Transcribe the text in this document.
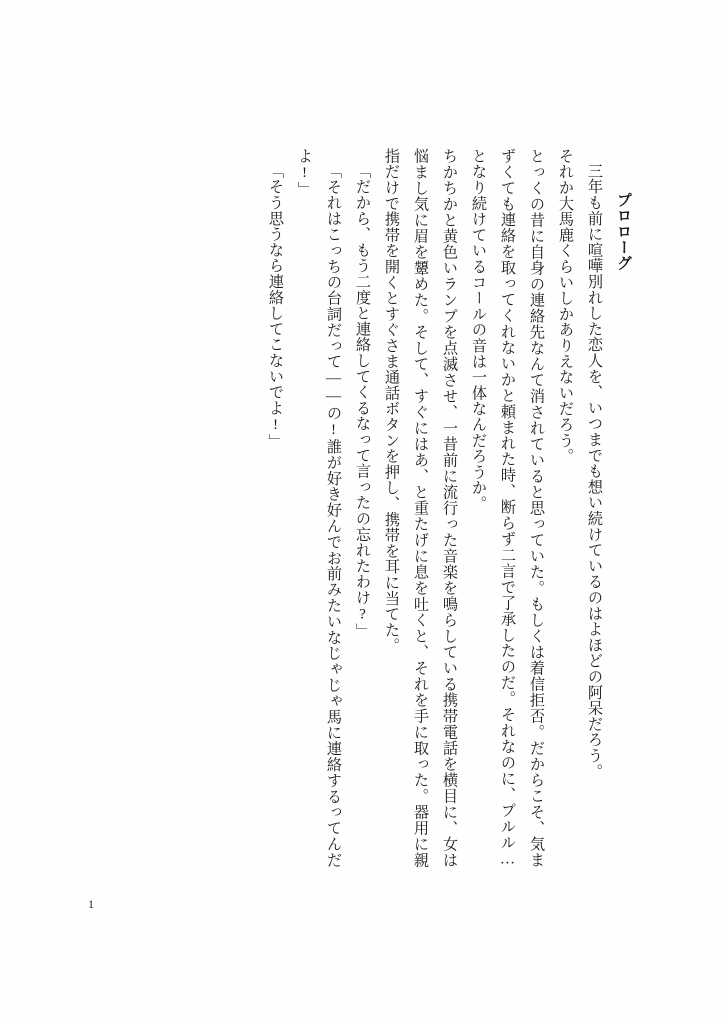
プロローグ

三年も前に喧嘩別れした恋人を、いつまでも想い続けているのはよほどの阿呆だろう。

それか大馬鹿くらいしかありえないだろう。

とっくの昔に自身の連絡先なんて消されていると思っていた。もしくは着信拒否。だからこそ、気まずくても連絡を取ってくれないかと頼まれた時、断らず二言で了承したのだ。それなのに、プルル…となり続けているコールの音は一体なんだろうか。

ちかちかと黄色いランプを点滅させ、一昔前に流行った音楽を鳴らしている携帯電話を横目に、女は悩まし気に眉を顰めた。そして、すぐにはあ、と重たげに息を吐くと、それを手に取った。器用に親指だけで携帯を開くとすぐさま通話ボタンを押し、携帯を耳に当てた。

「だから、もう二度と連絡してくるなって言ったの忘れたわけ?」

「それはこっちの台詞だって——の!誰が好き好んでお前みたいなじゃじゃ馬に連絡するってんだよ!」

「そう思うなら連絡してこないでよ!」

1
